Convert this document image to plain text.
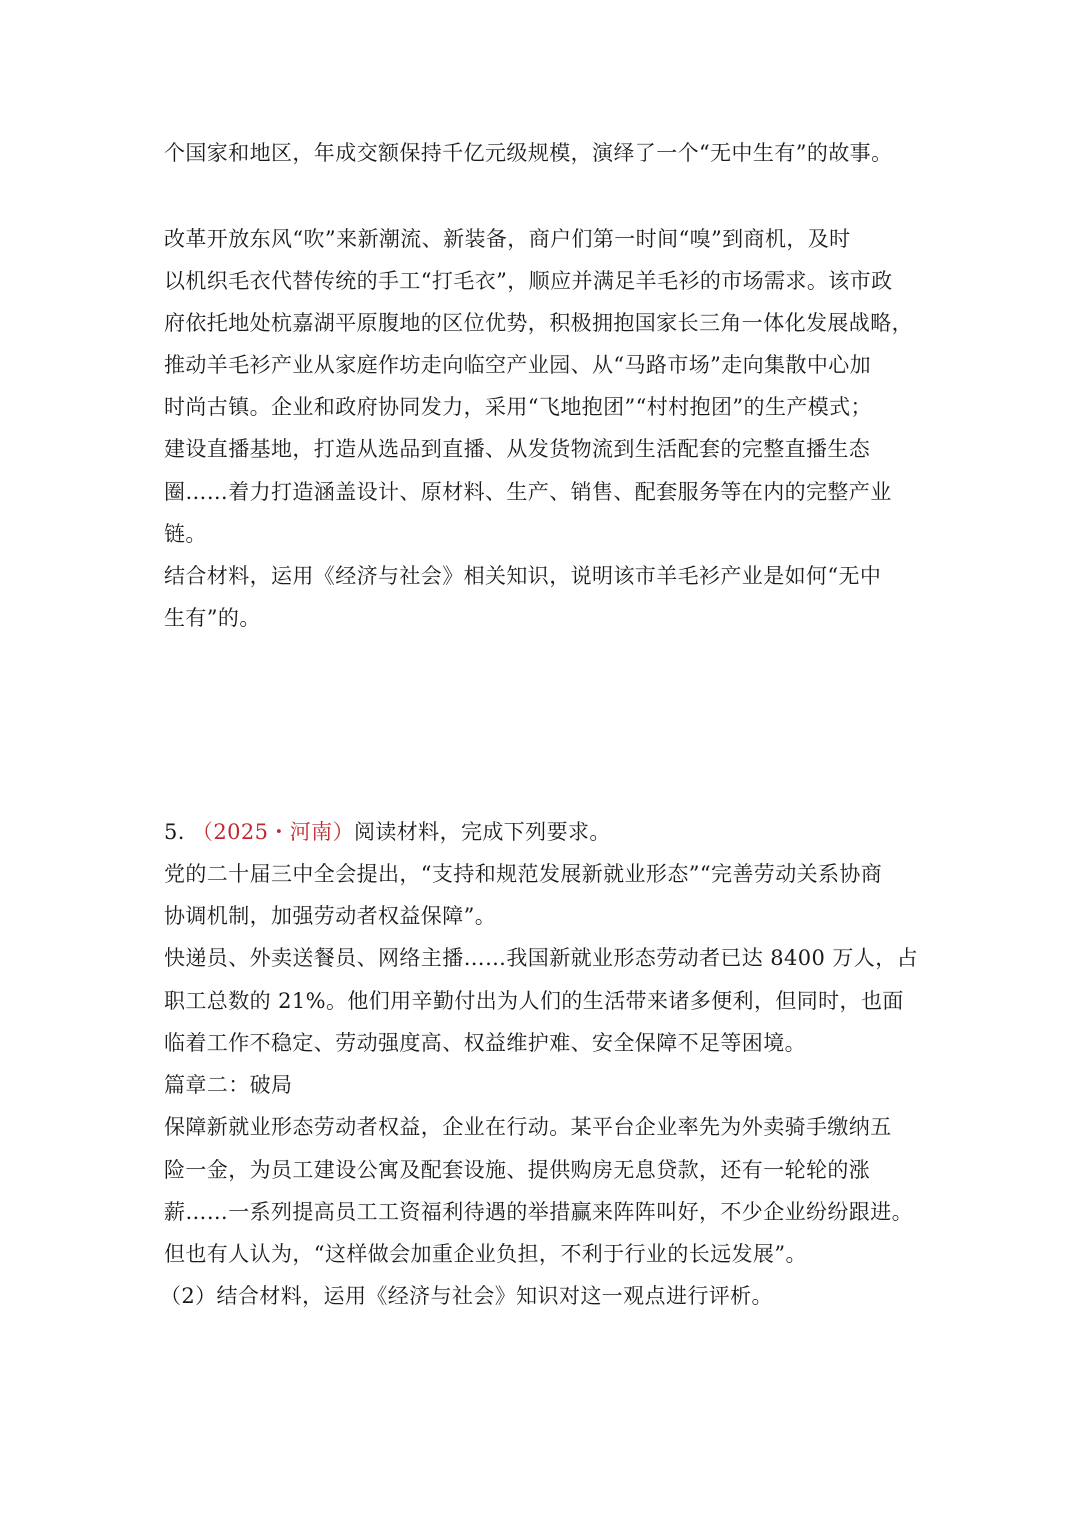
个国家和地区，年成交额保持千亿元级规模，演绎了一个“无中生有”的故事。

改革开放东风“吹”来新潮流、新装备，商户们第一时间“嗅”到商机，及时

以机织毛衣代替传统的手工“打毛衣”，顺应并满足羊毛衫的市场需求。该市政

府依托地处杭嘉湖平原腹地的区位优势，积极拥抱国家长三角一体化发展战略，

推动羊毛衫产业从家庭作坊走向临空产业园、从“马路市场”走向集散中心加

时尚古镇。企业和政府协同发力，采用“飞地抱团”“村村抱团”的生产模式；

建设直播基地，打造从选品到直播、从发货物流到生活配套的完整直播生态

圈……着力打造涵盖设计、原材料、生产、销售、配套服务等在内的完整产业

链。

结合材料，运用《经济与社会》相关知识，说明该市羊毛衫产业是如何“无中

生有”的。

5. （2025・河南）阅读材料，完成下列要求。

党的二十届三中全会提出，“支持和规范发展新就业形态”“完善劳动关系协商

协调机制，加强劳动者权益保障”。

快递员、外卖送餐员、网络主播……我国新就业形态劳动者已达 8400 万人，占

职工总数的 21%。他们用辛勤付出为人们的生活带来诸多便利，但同时，也面

临着工作不稳定、劳动强度高、权益维护难、安全保障不足等困境。

篇章二：破局

保障新就业形态劳动者权益，企业在行动。某平台企业率先为外卖骑手缴纳五

险一金，为员工建设公寓及配套设施、提供购房无息贷款，还有一轮轮的涨

薪……一系列提高员工工资福利待遇的举措赢来阵阵叫好，不少企业纷纷跟进。

但也有人认为，“这样做会加重企业负担，不利于行业的长远发展”。

（2）结合材料，运用《经济与社会》知识对这一观点进行评析。
